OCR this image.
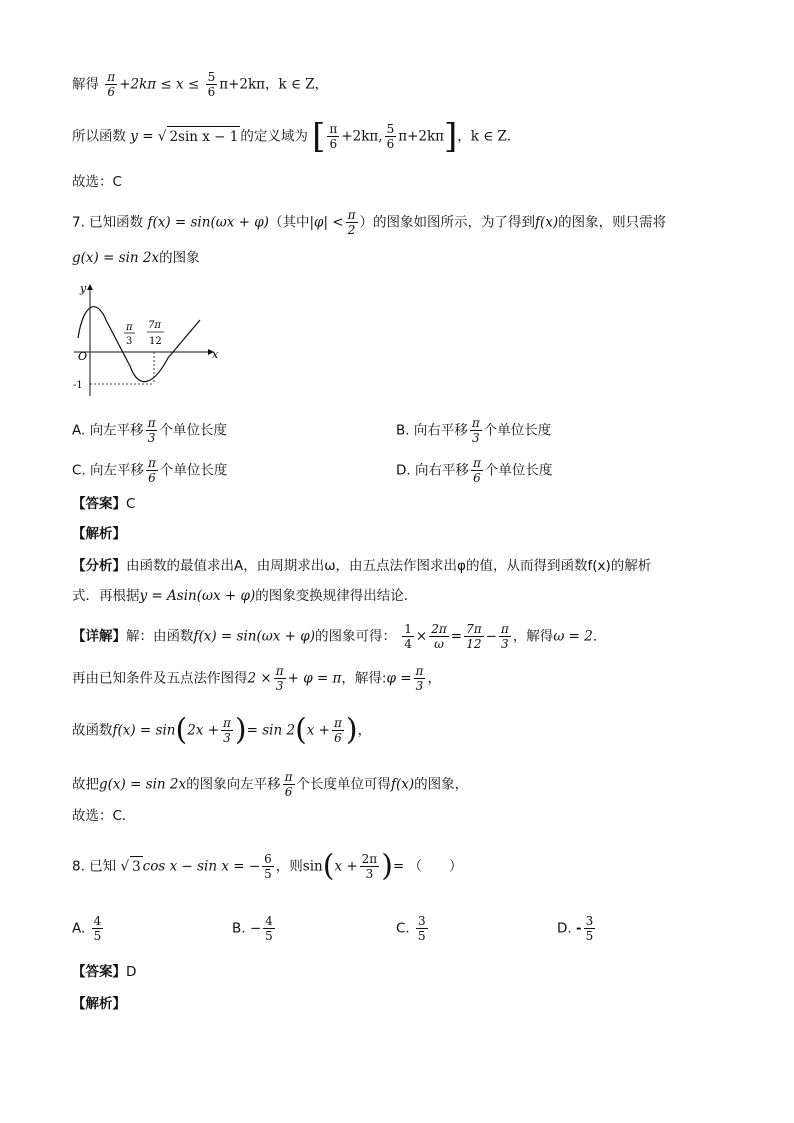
解得 $\frac{\pi}{6} +2k\pi \le x \le \frac{5}{6} \pi+2k\pi$，k ∈ Z，
所以函数 y = √ 2sin x − 1 的定义域为 [ $\frac{\pi}{6} +2k\pi$, $\frac{5}{6} \pi+2k\pi$]，k ∈ Z．
故选：C
7. 已知函数 f(x) = sin(ωx + φ)（其中$|\varphi| < \frac{\pi}{2}$ ）的图象如图所示，为了得到f(x)的图象，则只需将
g(x) = sin 2x的图象
y
x
O
-1
π
3
7π
12
A. 向左平移 $\frac{\pi}{3}$ 个单位长度	B. 向右平移 $\frac{\pi}{3}$ 个单位长度
C. 向左平移 $\frac{\pi}{6}$ 个单位长度	D. 向右平移 $\frac{\pi}{6}$ 个单位长度
【答案】C
【解析】
【分析】由函数的最值求出A，由周期求出ω，由五点法作图求出φ的值，从而得到函数f(x)的解析
式．再根据y = Asin(ωx + φ)的图象变换规律得出结论．
【详解】解：由函数f(x) = sin(ωx + φ)的图象可得： $\frac{1}{4} \times \frac{2\pi}{\omega} = \frac{7\pi}{12} - \frac{\pi}{3}$ ，解得ω = 2．
再由已知条件及五点法作图得$2 \times \frac{\pi}{3} + \varphi = \pi$，解得:φ = $\frac{\pi}{3}$ ，
故函数$f(x) = \sin(2x + \frac{\pi}{3}$ )= $\sin 2(x + \frac{\pi}{6}$ )，
故把g(x) = sin 2x的图象向左平移 $\frac{\pi}{6}$ 个长度单位可得f(x)的图象，
故选：C．
8. 已知 √ 3 cos x − sin x = − $\frac{6}{5}$ ，则$\sin(x + \frac{2\pi}{3}$ )= （　　）
A. $\frac{4}{5}$	B. − $\frac{4}{5}$	C. $\frac{3}{5}$	D. - $\frac{3}{5}$
【答案】D
【解析】
